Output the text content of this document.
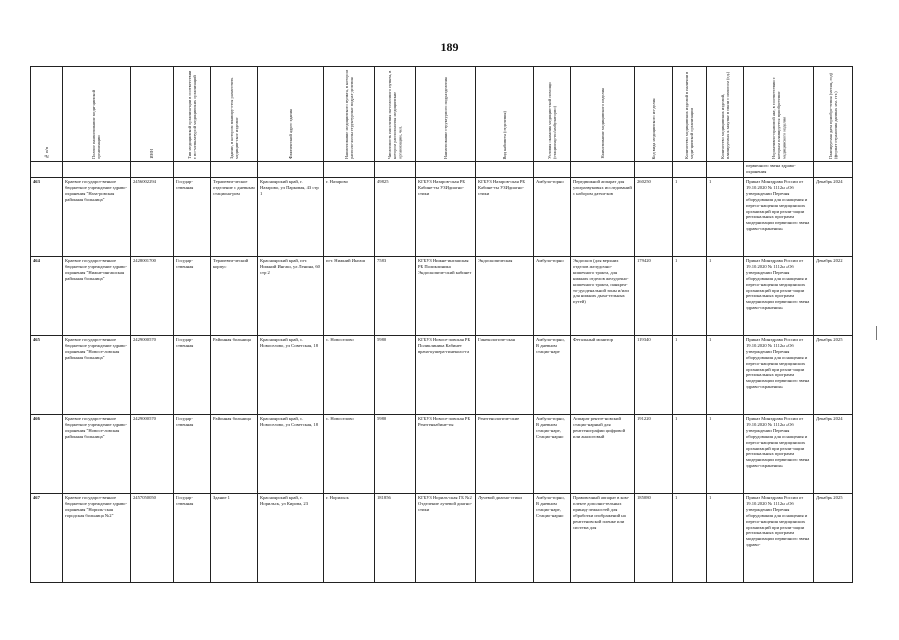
189
№ п/п	Полное наименование меди-цинской организации	ИНН	Тип медицинской организа-ции в соответствии с но-менклатурой медицинских организаций	Здание, в котором планиру-ется разместить медицин-ское изделие	Фактический адрес здания	Наименование медицинского пункта, в котором располо-жены структурные подраз-деления	Численность населения на-селенного пункта, в котором расположены медицинские организации, чел.	Наименование структурного подразделения	Вид кабинета (отделения)	Условия оказания медицин-ской помощи (стационар-но/амбулаторно)	Наименование медицинского изделия	Код вида медицинского из-делия	Количество медицинских изделий в наличии в меди-цинской организации	Количество медицинских изделий, планируемых к закупке в связи с износом (ед.)	Нормативно-правовой акт, в соответствии с которым планируется приобретение медицинского изделия	Планируемая дата приобре-тения (месяц, год) (формат отражения данных мм. ггг.)

															первичного звена здраво-охранения	
463	Краевое государст-венное бюджетное учреждение здраво-охранения "Наза-ровская районная больница"	2456002294	Государ-ственная	Терапевти-ческое отделение с дневным стациона-ром	Красноярский край, г. Назарово, ул Парковая, 43 стр 1	г. Назарово	49825	КГБУЗ Назаров-ская РБ Кабине-ты УЗИдиагно-стики	КГБУЗ Назаров-ская РБ Кабине-ты УЗИдиагно-стики	Амбула-торно	Передвижной аппарат для ультразвуковых исследований с набором датчи-ков	260250	1	1	Приказ Минздрава России от 19.10.2020 № 1112н «Об утверждении Перечня оборудования для оснащения и пересо-нащения медицинских организаций при реали-зации региональных программ модернизации первичного звена здраво-охранения»	Декабрь 2024
464	Краевое государст-венное бюджетное учреждение здраво-охранения "Нижне-ингашская районная больница"	2428001700	Государ-ственная	Терапевти-ческий корпус	Красноярский край, пгт. Нижний Ингаш, ул Ленина, 60 стр 2	пгт. Нижний Ингаш	7583	КГБУЗ Нижне-ингашская РБ Поликлиника Эндоскопиче-ский кабинет	Эндоскопическая	Амбула-торно	Эндоскоп (для верхних отделов желудочно-кишечного тракта, для нижних отделов желудочно-кишечного тракта, панкреа-то-дуоденальной зоны и/или для нижних дыха-тельных путей)	179420	1	1	Приказ Минздрава России от 19.10.2020 № 1112н «Об утверждении Перечня оборудования для оснащения и пересо-нащения медицинских организаций при реали-зации региональных программ модернизации первичного звена здраво-охранения»	Декабрь 2022
465	Краевое государст-венное бюджетное учреждение здраво-охранения "Новосе-ловская районная больница"	2429000570	Государ-ственная	Районная больница	Красноярский край, с. Новоселово, ул Советская, 18	с. Новоселово	5980	КГБУЗ Новосе-ловская РБ Поликлиника Кабинет врача-кушера-гинеколо-га	Гинекологиче-ская	Амбула-торно, В дневном стацио-наре	Фетальный монитор	119340	1	1	Приказ Минздрава России от 19.10.2020 № 1112н «Об утверждении Перечня оборудования для оснащения и пересо-нащения медицинских организаций при реали-зации региональных программ модернизации первичного звена здраво-охранения»	Декабрь 2025
466	Краевое государст-венное бюджетное учреждение здраво-охранения "Новосе-ловская районная больница"	2429000570	Государ-ственная	Районная больница	Красноярский край, с. Новоселово, ул Советская, 18	с. Новоселово	5980	КГБУЗ Новосе-ловская РБ Рентгенкабине-ты	Рентгенологиче-ские	Амбула-торно, В дневном стацио-наре, Стацио-нарно	Аппарат рентге-новский стацио-нарный для рентгенографии цифровой или аналоговый	191220	1	1	Приказ Минздрава России от 19.10.2020 № 1112н «Об утверждении Перечня оборудования для оснащения и пересо-нащения медицинских организаций при реали-зации региональных программ модернизации первичного звена здраво-охранения»	Декабрь 2024
467	Краевое государст-венное бюджетное учреждение здраво-охранения "Нориль-ская городская больница №2"	2457050050	Государ-ственная	Здание 1	Красноярский край, г. Норильск, ул Кирова, 23	г. Норильск	181856	КГБУЗ Нориль-ская ГБ №2 Отделение лучевой диагно-стики	Лучевой диагно-стики	Амбула-торно, В дневном стацио-наре, Стацио-нарно	Правовочный аппарат в ком-плекте дополни-тельных принад-лежностей для обработки изображений на рентгеновской пленке или система для	185080	1	1	Приказ Минздрава России от 19.10.2020 № 1112н «Об утверждении Перечня оборудования для оснащения и пересо-нащения медицинских организаций при реали-зации региональных программ модернизации первичного звена здраво-	Декабрь 2025
